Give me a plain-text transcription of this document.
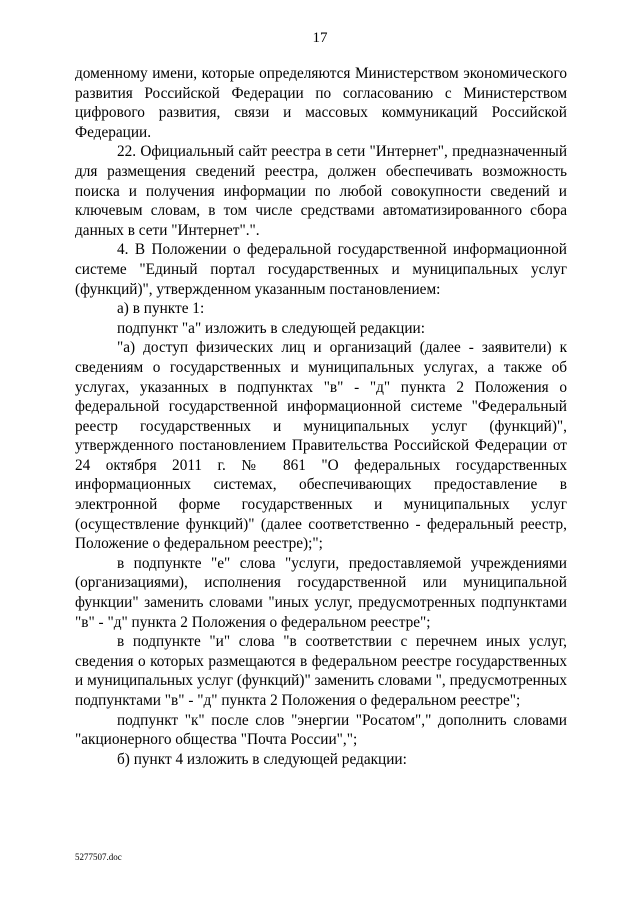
17

доменному имени, которые определяются Министерством экономического развития Российской Федерации по согласованию с Министерством цифрового развития, связи и массовых коммуникаций Российской Федерации.

22. Официальный сайт реестра в сети "Интернет", предназначенный для размещения сведений реестра, должен обеспечивать возможность поиска и получения информации по любой совокупности сведений и ключевым словам, в том числе средствами автоматизированного сбора данных в сети "Интернет".".

4. В Положении о федеральной государственной информационной системе "Единый портал государственных и муниципальных услуг (функций)", утвержденном указанным постановлением:

а) в пункте 1:

подпункт "а" изложить в следующей редакции:

"а) доступ физических лиц и организаций (далее - заявители) к сведениям о государственных и муниципальных услугах, а также об услугах, указанных в подпунктах "в" - "д" пункта 2 Положения о федеральной государственной информационной системе "Федеральный реестр государственных и муниципальных услуг (функций)", утвержденного постановлением Правительства Российской Федерации от 24 октября 2011 г. № 861 "О федеральных государственных информационных системах, обеспечивающих предоставление в электронной форме государственных и муниципальных услуг (осуществление функций)" (далее соответственно - федеральный реестр, Положение о федеральном реестре);";

в подпункте "е" слова "услуги, предоставляемой учреждениями (организациями), исполнения государственной или муниципальной функции" заменить словами "иных услуг, предусмотренных подпунктами "в" - "д" пункта 2 Положения о федеральном реестре";

в подпункте "и" слова "в соответствии с перечнем иных услуг, сведения о которых размещаются в федеральном реестре государственных и муниципальных услуг (функций)" заменить словами ", предусмотренных подпунктами "в" - "д" пункта 2 Положения о федеральном реестре";

подпункт "к" после слов "энергии "Росатом"," дополнить словами "акционерного общества "Почта России",";

б) пункт 4 изложить в следующей редакции:

5277507.doc
